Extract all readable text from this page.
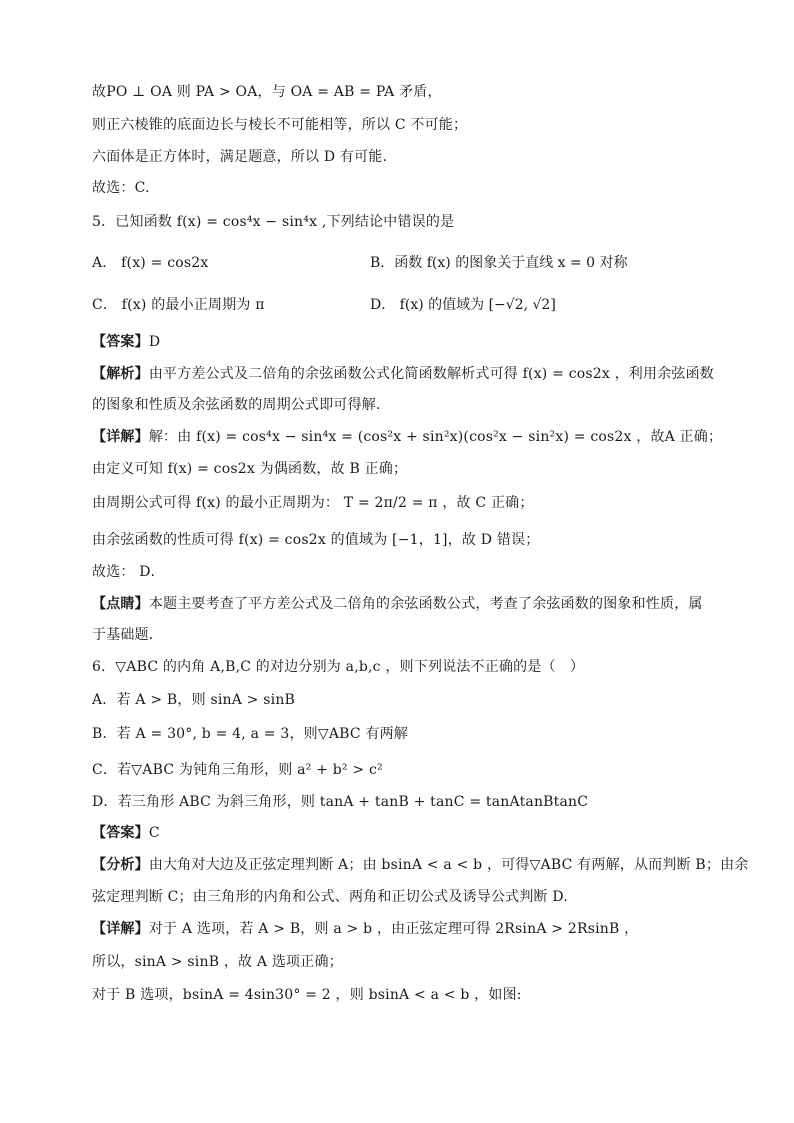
故PO ⊥ OA 则 PA > OA，与 OA = AB = PA 矛盾，
则正六棱锥的底面边长与棱长不可能相等，所以 C 不可能；
六面体是正方体时，满足题意，所以 D 有可能.
故选：C.
5．已知函数 f(x) = cos⁴x − sin⁴x ,下列结论中错误的是
A． f(x) = cos2x	B．函数 f(x) 的图象关于直线 x = 0 对称
C． f(x) 的最小正周期为 π	D． f(x) 的值域为 [−√2, √2]
【答案】D
【解析】由平方差公式及二倍角的余弦函数公式化简函数解析式可得 f(x) = cos2x ，利用余弦函数
的图象和性质及余弦函数的周期公式即可得解．
【详解】解：由 f(x) = cos⁴x − sin⁴x = (cos²x + sin²x)(cos²x − sin²x) = cos2x ，故A 正确；
由定义可知 f(x) = cos2x 为偶函数，故 B 正确；
由周期公式可得 f(x) 的最小正周期为： T = 2π/2 = π ，故 C 正确；
由余弦函数的性质可得 f(x) = cos2x 的值域为 [−1，1]，故 D 错误；
故选： D．
【点睛】本题主要考查了平方差公式及二倍角的余弦函数公式，考查了余弦函数的图象和性质，属
于基础题．
6．▽ABC 的内角 A,B,C 的对边分别为 a,b,c ，则下列说法不正确的是（　）
A．若 A > B，则 sinA > sinB
B．若 A = 30°, b = 4, a = 3，则▽ABC 有两解
C．若▽ABC 为钝角三角形，则 a² + b² > c²
D．若三角形 ABC 为斜三角形，则 tanA + tanB + tanC = tanAtanBtanC
【答案】C
【分析】由大角对大边及正弦定理判断 A；由 bsinA < a < b ，可得▽ABC 有两解，从而判断 B；由余
弦定理判断 C；由三角形的内角和公式、两角和正切公式及诱导公式判断 D.
【详解】对于 A 选项，若 A > B，则 a > b ，由正弦定理可得 2RsinA > 2RsinB ，
所以，sinA > sinB ，故 A 选项正确；
对于 B 选项，bsinA = 4sin30° = 2 ，则 bsinA < a < b ，如图:
